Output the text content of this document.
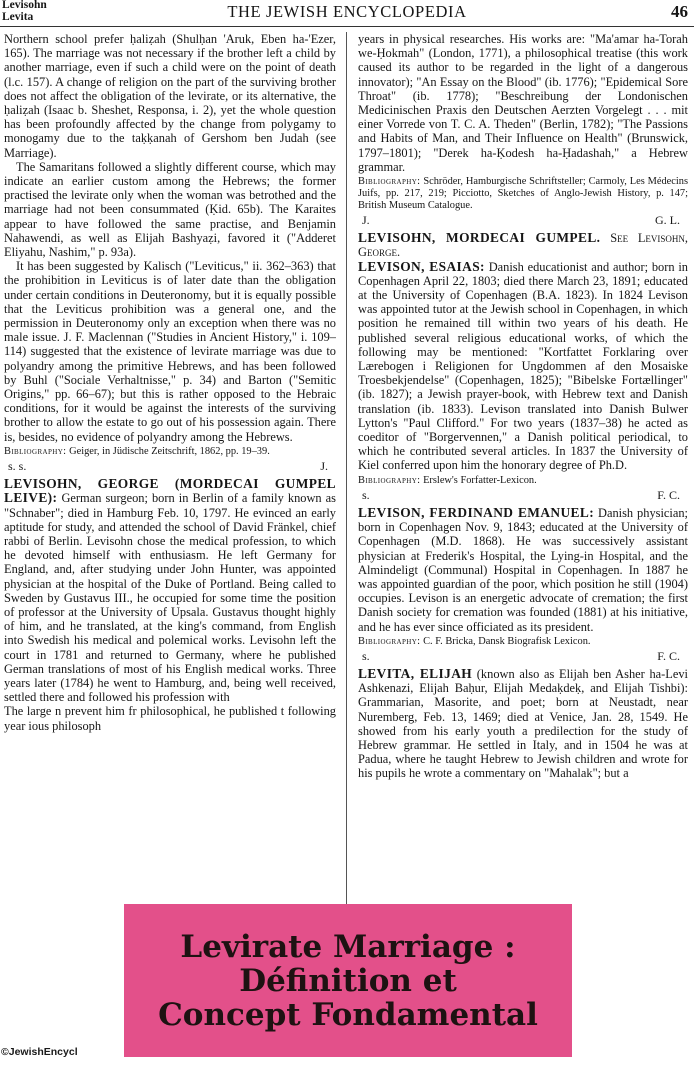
Levisohn
Levita	THE JEWISH ENCYCLOPEDIA	46

Northern school prefer ḥaliẓah (Shulḥan 'Aruk, Eben ha-'Ezer, 165). The marriage was not necessary if the brother left a child by another marriage, even if such a child were on the point of death (l.c. 157). A change of religion on the part of the surviving brother does not affect the obligation of the levirate, or its alternative, the ḥaliẓah (Isaac b. Sheshet, Responsa, i. 2), yet the whole question has been profoundly affected by the change from polygamy to monogamy due to the taḳḳanah of Gershom ben Judah (see Marriage).

The Samaritans followed a slightly different course, which may indicate an earlier custom among the Hebrews; the former practised the levirate only when the woman was betrothed and the marriage had not been consummated (Ḳid. 65b). The Karaites appear to have followed the same practise, and Benjamin Nahawendi, as well as Elijah Bashyaẓi, favored it ("Adderet Eliyahu, Nashim," p. 93a).

It has been suggested by Kalisch ("Leviticus," ii. 362–363) that the prohibition in Leviticus is of later date than the obligation under certain conditions in Deuteronomy, but it is equally possible that the Leviticus prohibition was a general one, and the permission in Deuteronomy only an exception when there was no male issue. J. F. Maclennan ("Studies in Ancient History," i. 109–114) suggested that the existence of levirate marriage was due to polyandry among the primitive Hebrews, and has been followed by Buhl ("Sociale Verhaltnisse," p. 34) and Barton ("Semitic Origins," pp. 66–67); but this is rather opposed to the Hebraic conditions, for it would be against the interests of the surviving brother to allow the estate to go out of his possession again. There is, besides, no evidence of polyandry among the Hebrews.

Bibliography: Geiger, in Jüdische Zeitschrift, 1862, pp. 19–39.

s. s.	J.

LEVISOHN, GEORGE (MORDECAI GUMPEL LEIVE): German surgeon; born in Berlin of a family known as "Schnaber"; died in Hamburg Feb. 10, 1797. He evinced an early aptitude for study, and attended the school of David Fränkel, chief rabbi of Berlin. Levisohn chose the medical profession, to which he devoted himself with enthusiasm. He left Germany for England, and, after studying under John Hunter, was appointed physician at the hospital of the Duke of Portland. Being called to Sweden by Gustavus III., he occupied for some time the position of professor at the University of Upsala. Gustavus thought highly of him, and he translated, at the king's command, from English into Swedish his medical and polemical works. Levisohn left the court in 1781 and returned to Germany, where he published German translations of most of his English medical works. Three years later (1784) he went to Hamburg, and, being well received, settled there and followed his profession with

The large n prevent him fr philosophical, he published t following year ious philosoph

years in physical researches. His works are: "Ma'amar ha-Torah we-Ḥokmah" (London, 1771), a philosophical treatise (this work caused its author to be regarded in the light of a dangerous innovator); "An Essay on the Blood" (ib. 1776); "Epidemical Sore Throat" (ib. 1778); "Beschreibung der Londonischen Medicinischen Praxis den Deutschen Aerzten Vorgelegt . . . mit einer Vorrede von T. C. A. Theden" (Berlin, 1782); "The Passions and Habits of Man, and Their Influence on Health" (Brunswick, 1797–1801); "Derek ha-Ḳodesh ha-Ḥadashah," a Hebrew grammar.

Bibliography: Schröder, Hamburgische Schriftsteller; Carmoly, Les Médecins Juifs, pp. 217, 219; Picciotto, Sketches of Anglo-Jewish History, p. 147; British Museum Catalogue.

J.	G. L.

LEVISOHN, MORDECAI GUMPEL. See Levisohn, George.

LEVISON, ESAIAS: Danish educationist and author; born in Copenhagen April 22, 1803; died there March 23, 1891; educated at the University of Copenhagen (B.A. 1823). In 1824 Levison was appointed tutor at the Jewish school in Copenhagen, in which position he remained till within two years of his death. He published several religious educational works, of which the following may be mentioned: "Kortfattet Forklaring over Lærebogen i Religionen for Ungdommen af den Mosaiske Troesbekjendelse" (Copenhagen, 1825); "Bibelske Fortællinger" (ib. 1827); a Jewish prayer-book, with Hebrew text and Danish translation (ib. 1833). Levison translated into Danish Bulwer Lytton's "Paul Clifford." For two years (1837–38) he acted as coeditor of "Borgervennen," a Danish political periodical, to which he contributed several articles. In 1837 the University of Kiel conferred upon him the honorary degree of Ph.D.

Bibliography: Erslew's Forfatter-Lexicon.

s.	F. C.

LEVISON, FERDINAND EMANUEL: Danish physician; born in Copenhagen Nov. 9, 1843; educated at the University of Copenhagen (M.D. 1868). He was successively assistant physician at Frederik's Hospital, the Lying-in Hospital, and the Almindeligt (Communal) Hospital in Copenhagen. In 1887 he was appointed guardian of the poor, which position he still (1904) occupies. Levison is an energetic advocate of cremation; the first Danish society for cremation was founded (1881) at his initiative, and he has ever since officiated as its president.

Bibliography: C. F. Bricka, Dansk Biografisk Lexicon.

s.	F. C.

LEVITA, ELIJAH (known also as Elijah ben Asher ha-Levi Ashkenazi, Elijah Baḥur, Elijah Medaḳdeḳ, and Elijah Tishbi): Grammarian, Masorite, and poet; born at Neustadt, near Nuremberg, Feb. 13, 1469; died at Venice, Jan. 28, 1549. He showed from his early youth a predilection for the study of Hebrew grammar. He settled in Italy, and in 1504 he was at Padua, where he taught Hebrew to Jewish children and wrote for his pupils he wrote a commentary on "Mahalak"; but a

Levirate Marriage :
Définition et
Concept Fondamental
©JewishEncycl
